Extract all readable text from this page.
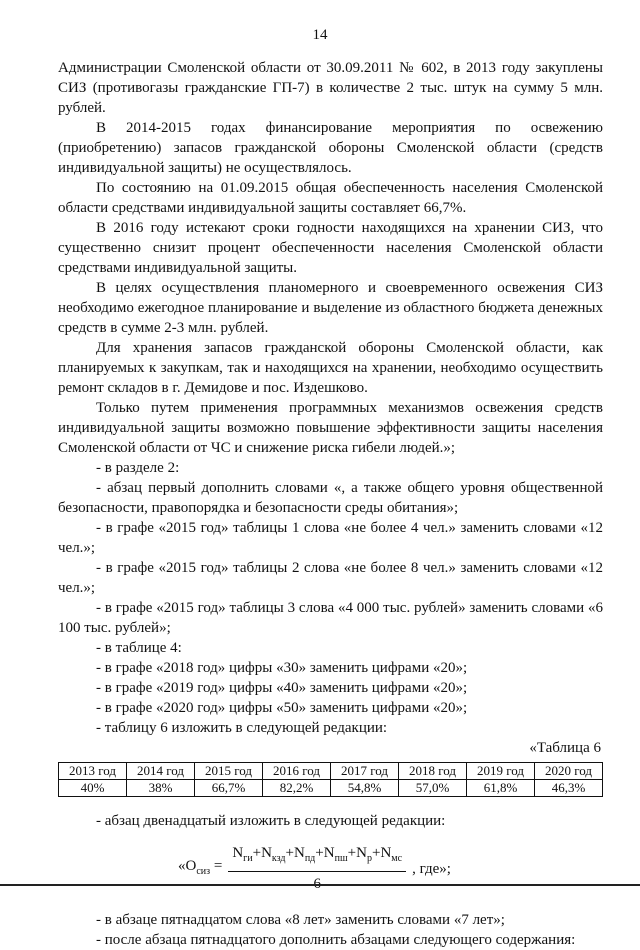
14

Администрации Смоленской области от 30.09.2011 № 602, в 2013 году закуплены СИЗ (противогазы гражданские ГП-7) в количестве 2 тыс. штук на сумму 5 млн. рублей.

В 2014-2015 годах финансирование мероприятия по освежению (приобретению) запасов гражданской обороны Смоленской области (средств индивидуальной защиты) не осуществлялось.

По состоянию на 01.09.2015 общая обеспеченность населения Смоленской области средствами индивидуальной защиты составляет 66,7%.

В 2016 году истекают сроки годности находящихся на хранении СИЗ, что существенно снизит процент обеспеченности населения Смоленской области средствами индивидуальной защиты.

В целях осуществления планомерного и своевременного освежения СИЗ необходимо ежегодное планирование и выделение из областного бюджета денежных средств в сумме 2-3 млн. рублей.

Для хранения запасов гражданской обороны Смоленской области, как планируемых к закупкам, так и находящихся на хранении, необходимо осуществить ремонт складов в г. Демидове и пос. Издешково.

Только путем применения программных механизмов освежения средств индивидуальной защиты возможно повышение эффективности защиты населения Смоленской области от ЧС и снижение риска гибели людей.»;

- в разделе 2:

- абзац первый дополнить словами «, а также общего уровня общественной безопасности, правопорядка и безопасности среды обитания»;

- в графе «2015 год» таблицы 1 слова «не более 4 чел.» заменить словами «12 чел.»;

- в графе «2015 год» таблицы 2 слова «не более 8 чел.» заменить словами «12 чел.»;

- в графе «2015 год» таблицы 3 слова «4 000 тыс. рублей» заменить словами «6 100 тыс. рублей»;

- в таблице 4:

- в графе «2018 год» цифры «30» заменить цифрами «20»;

- в графе «2019 год» цифры «40» заменить цифрами «20»;

- в графе «2020 год» цифры «50» заменить цифрами «20»;

- таблицу 6 изложить в следующей редакции:

«Таблица 6

2013 год	2014 год	2015 год	2016 год	2017 год	2018 год	2019 год	2020 год
40%	38%	66,7%	82,2%	54,8%	57,0%	61,8%	46,3%

- абзац двенадцатый изложить в следующей редакции:

«$О_{сиз}$ =
$N_{ги}+N_{кзд}+N_{пд}+N_{пш}+N_р+N_{мс}$
, где»;

- в абзаце пятнадцатом слова «8 лет» заменить словами «7 лет»;

- после абзаца пятнадцатого дополнить абзацами следующего содержания:
